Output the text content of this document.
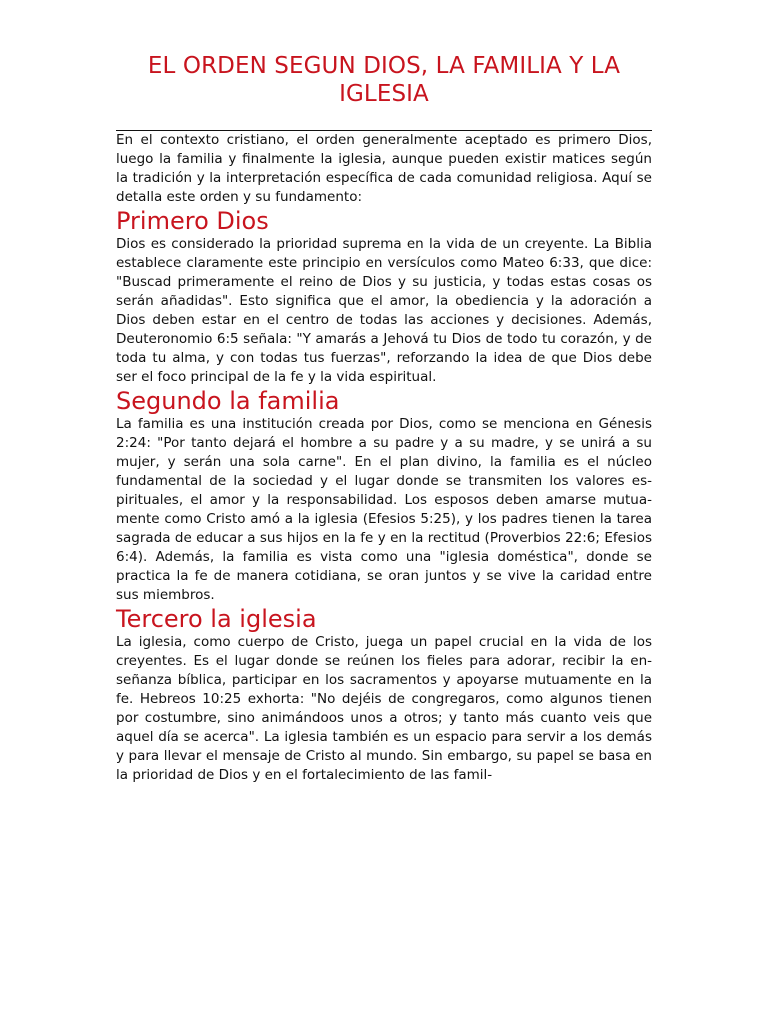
EL ORDEN SEGUN DIOS, LA FAMILIA Y LA IGLESIA

En el contexto cristiano, el orden generalmente aceptado es primero Dios, luego la familia y finalmente la iglesia, aunque pueden existir matices según la tradición y la interpretación específica de cada comunidad religiosa. Aquí se detalla este orden y su fundamento:

Primero Dios

Dios es considerado la prioridad suprema en la vida de un creyente. La Biblia establece claramente este principio en versículos como Mateo 6:33, que dice: "Buscad primeramente el reino de Dios y su justicia, y todas estas cosas os serán añadidas". Esto significa que el amor, la obediencia y la adoración a Dios deben estar en el centro de todas las acciones y decisiones. Además, Deuteronomio 6:5 señala: "Y amarás a Jehová tu Dios de todo tu corazón, y de toda tu alma, y con todas tus fuerzas", reforzando la idea de que Dios debe ser el foco principal de la fe y la vida espiritual.

Segundo la familia

La familia es una institución creada por Dios, como se menciona en Génesis 2:24: "Por tanto dejará el hombre a su padre y a su madre, y se unirá a su mujer, y serán una sola carne". En el plan divino, la familia es el núcleo fundamental de la sociedad y el lugar donde se transmiten los valores espirituales, el amor y la responsabilidad. Los esposos deben amarse mutuamente como Cristo amó a la iglesia (Efesios 5:25), y los padres tienen la tarea sagrada de educar a sus hijos en la fe y en la rectitud (Proverbios 22:6; Efesios 6:4). Además, la familia es vista como una "iglesia doméstica", donde se practica la fe de manera cotidiana, se oran juntos y se vive la caridad entre sus miembros.

Tercero la iglesia

La iglesia, como cuerpo de Cristo, juega un papel crucial en la vida de los creyentes. Es el lugar donde se reúnen los fieles para adorar, recibir la enseñanza bíblica, participar en los sacramentos y apoyarse mutuamente en la fe. Hebreos 10:25 exhorta: "No dejéis de congregaros, como algunos tienen por costumbre, sino animándoos unos a otros; y tanto más cuanto veis que aquel día se acerca". La iglesia también es un espacio para servir a los demás y para llevar el mensaje de Cristo al mundo. Sin embargo, su papel se basa en la prioridad de Dios y en el fortalecimiento de las famil-
